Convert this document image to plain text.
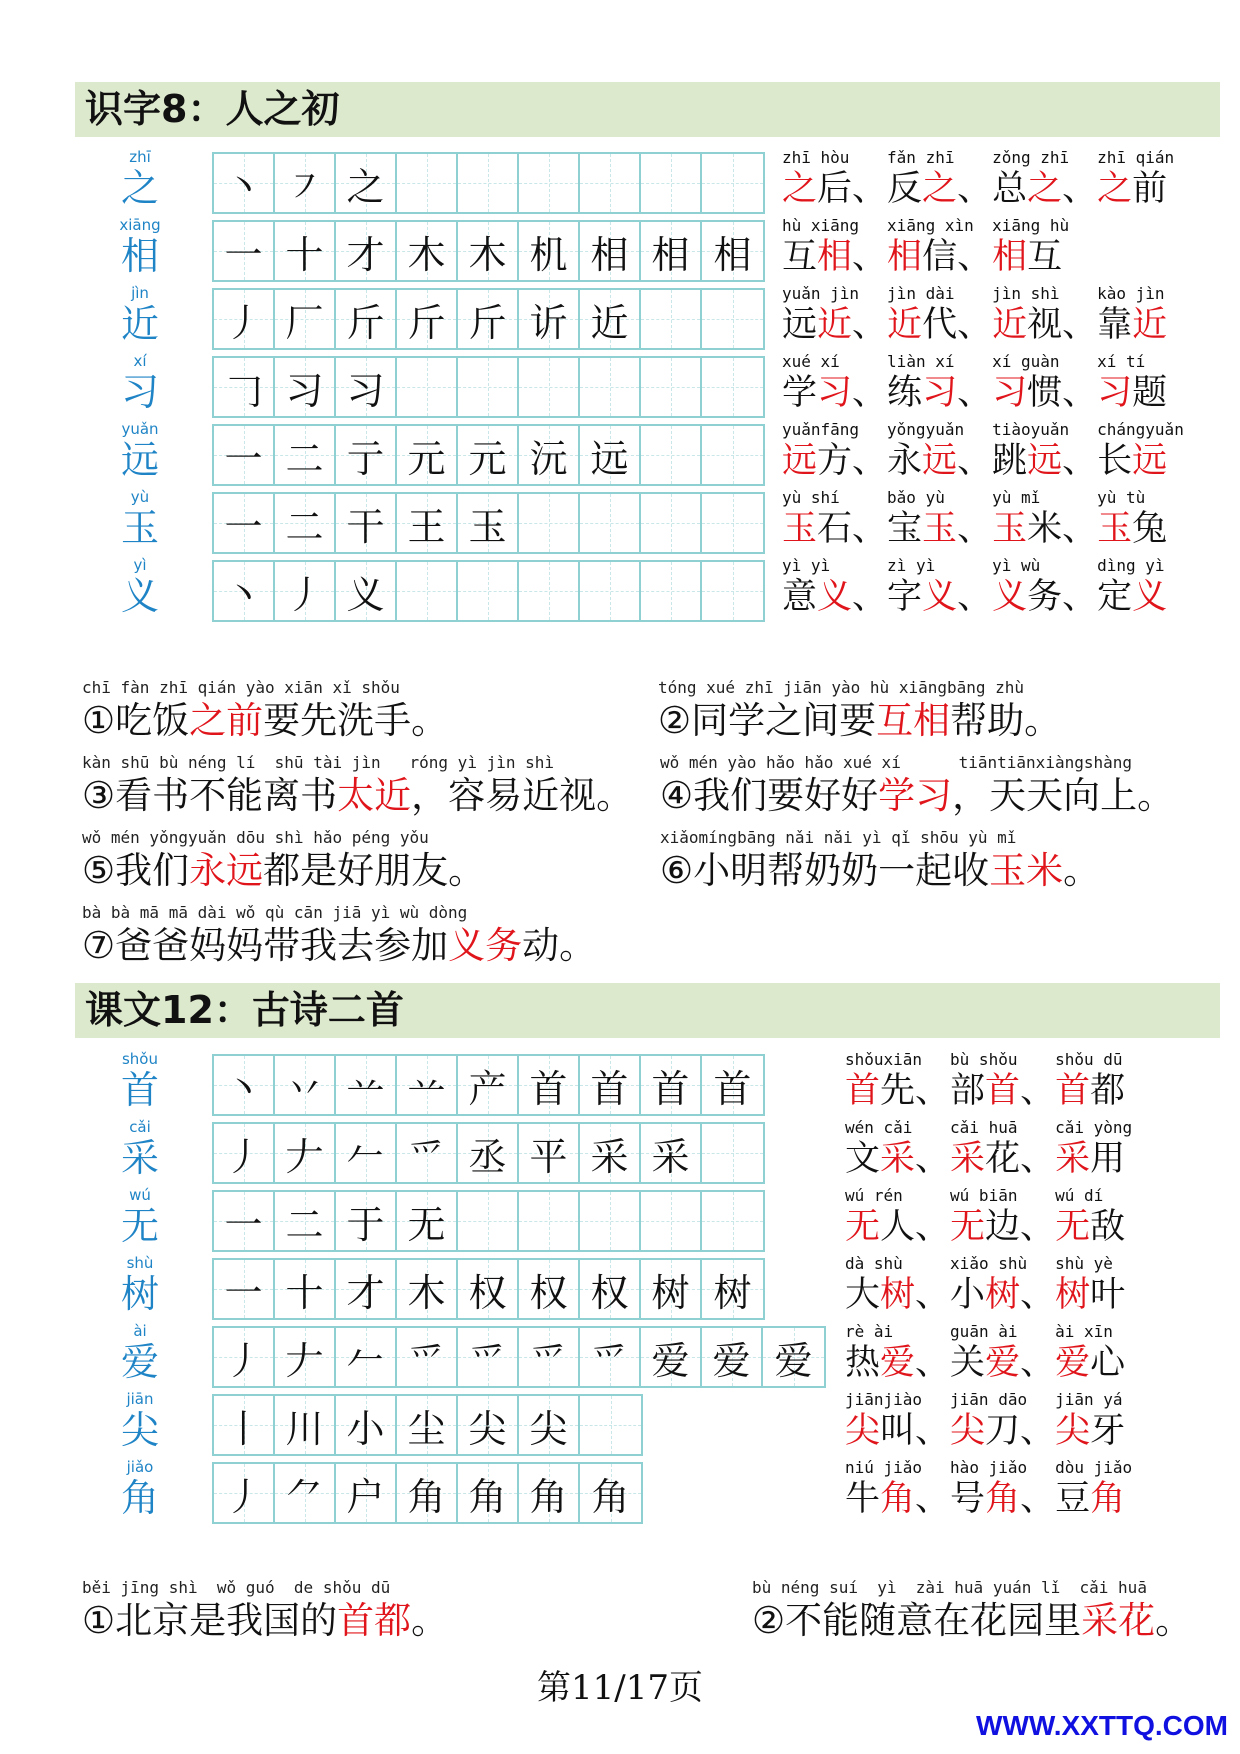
识字8：人之初
zhī
之 丶 ㇇ 之
zhī hòu
之后、
fǎn zhī
反之、
zǒng zhī
总之、
zhī qián
之前
xiāng
相 一 十 才 木 木 机 相 相 相
hù xiāng
互相、
xiāng xìn
相信、
xiāng hù
相互
jìn
近 丿 厂 斤 斤 斤 䜣 近
yuǎn jìn
远近、
jìn dài
近代、
jìn shì
近视、
kào jìn
靠近
xí
习 𠃌 习 习
xué xí
学习、
liàn xí
练习、
xí guàn
习惯、
xí tí
习题
yuǎn
远 一 二 亍 元 元 沅 远
yuǎnfāng
远方、
yǒngyuǎn
永远、
tiàoyuǎn
跳远、
chángyuǎn
长远
yù
玉 一 二 干 王 玉
yù shí
玉石、
bǎo yù
宝玉、
yù mǐ
玉米、
yù tù
玉兔
yì
义 丶 丿 义
yì yì
意义、
zì yì
字义、
yì wù
义务、
dìng yì
定义
chī fàn zhī qián yào xiān xǐ shǒu
①吃饭之前要先洗手。
tóng xué zhī jiān yào hù xiāngbāng zhù
②同学之间要互相帮助。
kàn shū bù néng lí  shū tài jìn   róng yì jìn shì
③看书不能离书太近，容易近视。
wǒ mén yào hǎo hǎo xué xí      tiāntiānxiàngshàng
④我们要好好学习，天天向上。
wǒ mén yǒngyuǎn dōu shì hǎo péng yǒu
⑤我们永远都是好朋友。
xiǎomíngbāng nǎi nǎi yì qǐ shōu yù mǐ
⑥小明帮奶奶一起收玉米。
bà bà mā mā dài wǒ qù cān jiā yì wù dòng
⑦爸爸妈妈带我去参加义务动。
课文12：古诗二首
shǒu
首 丶 丷 䒑 䒑 产 首 首 首 首
shǒuxiān
首先、
bù shǒu
部首、
shǒu dū
首都
cǎi
采 丿 𠂇 𠂉 爫 丞 平 采 采
wén cǎi
文采、
cǎi huā
采花、
cǎi yòng
采用
wú
无 一 二 于 无
wú rén
无人、
wú biān
无边、
wú dí
无敌
shù
树 一 十 才 木 权 权 权 树 树
dà shù
大树、
xiǎo shù
小树、
shù yè
树叶
ài
爱 丿 𠂇 𠂉 爫 爫 爫 爫 爱 爱 爱
rè ài
热爱、
guān ài
关爱、
ài xīn
爱心
jiān
尖 丨 川 小 尘 尖 尖
jiānjiào
尖叫、
jiān dāo
尖刀、
jiān yá
尖牙
jiǎo
角 丿 ⺈ 户 角 角 角 角
niú jiǎo
牛角、
hào jiǎo
号角、
dòu jiǎo
豆角
běi jīng shì  wǒ guó  de shǒu dū
①北京是我国的首都。
bù néng suí  yì  zài huā yuán lǐ  cǎi huā
②不能随意在花园里采花。
第11/17页
WWW.XXTTQ.COM
